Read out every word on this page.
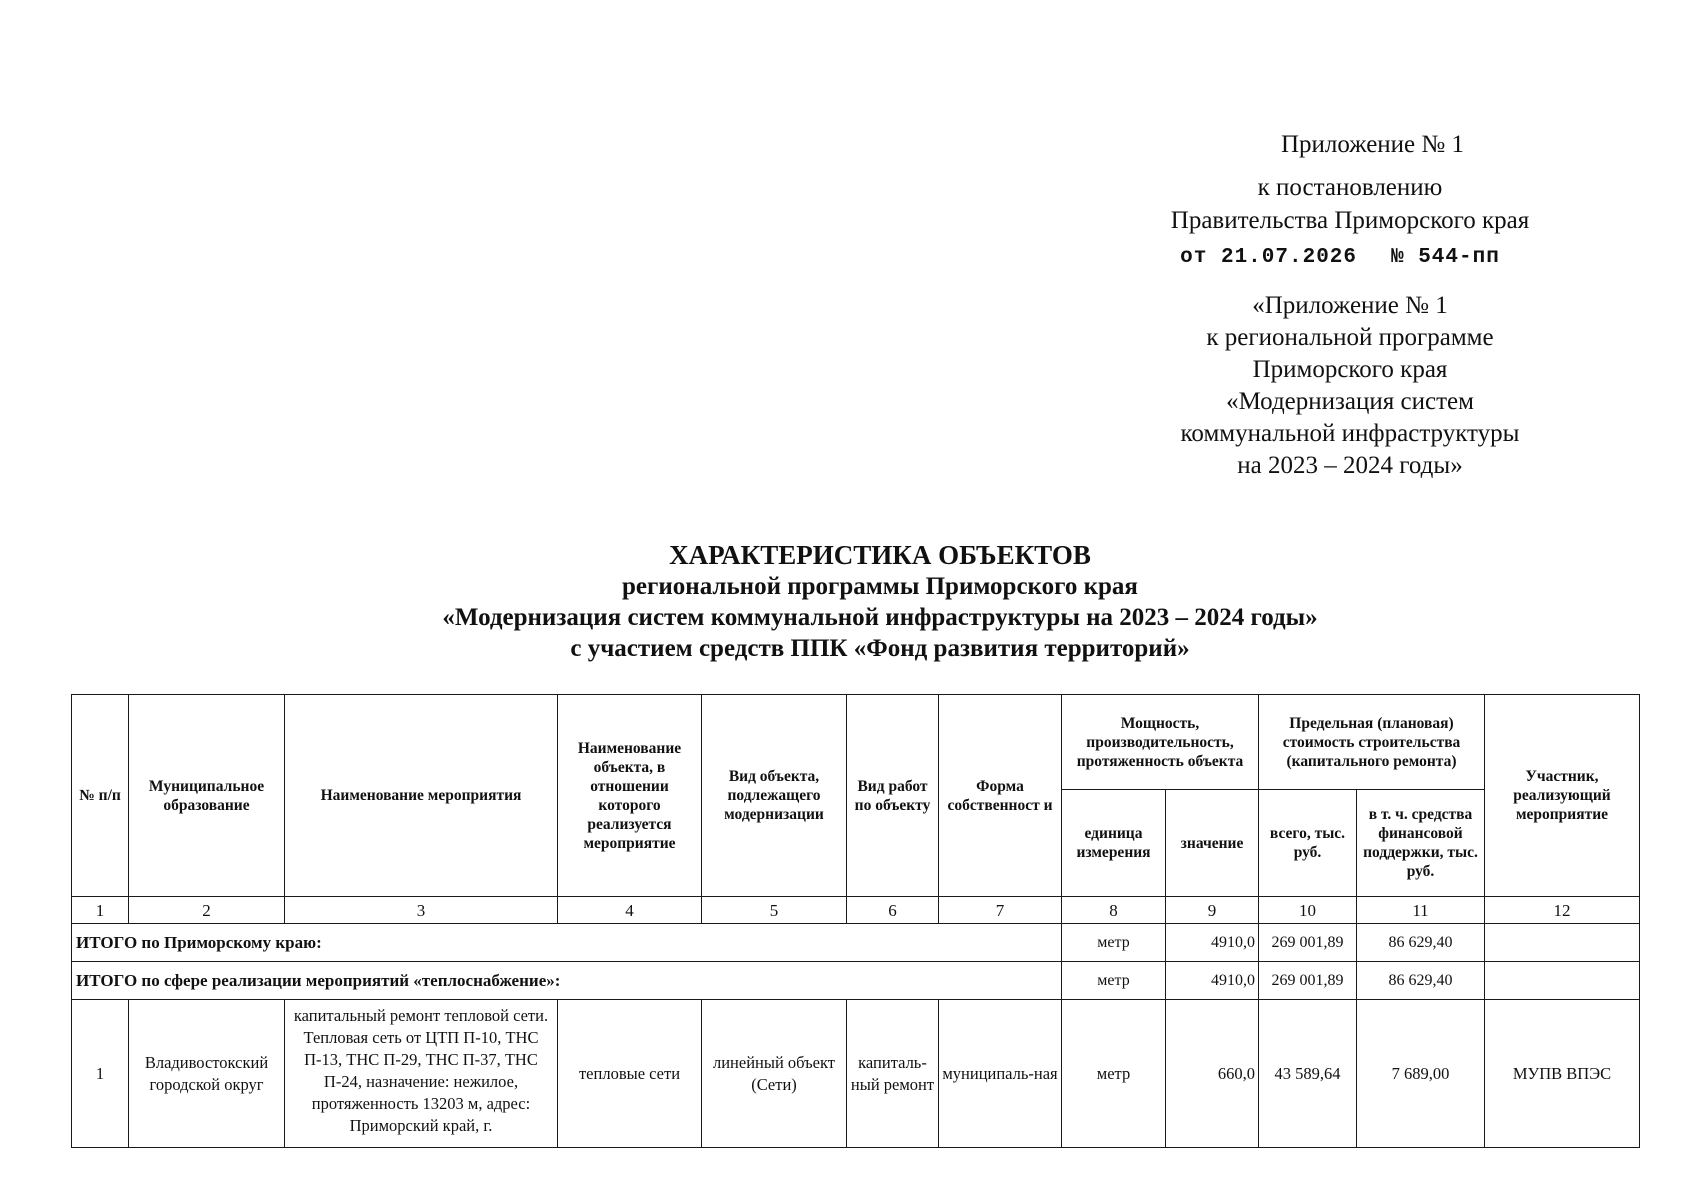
Приложение № 1
к постановлению
Правительства Приморского края
от 21.07.2026 № 544-пп
«Приложение № 1
к региональной программе
Приморского края
«Модернизация систем
коммунальной инфраструктуры
на 2023 – 2024 годы»
ХАРАКТЕРИСТИКА ОБЪЕКТОВ
региональной программы Приморского края
«Модернизация систем коммунальной инфраструктуры на 2023 – 2024 годы»
с участием средств ППК «Фонд развития территорий»
№ п/п	Муниципальное образование	Наименование мероприятия	Наименование объекта, в отношении которого реализуется мероприятие	Вид объекта, подлежащего модернизации	Вид работ по объекту	Форма собственност и	Мощность, производительность, протяженность объекта		Предельная (плановая) стоимость строительства (капитального ремонта)		Участник, реализующий мероприятие
							единица измерения	значение	всего, тыс. руб.	в т. ч. средства финансовой поддержки, тыс. руб.	
1	2	3	4	5	6	7	8	9	10	11	12
ИТОГО по Приморскому краю:							метр	4910,0	269 001,89	86 629,40	
ИТОГО по сфере реализации мероприятий «теплоснабжение»:							метр	4910,0	269 001,89	86 629,40	
1	Владивостокский городской округ	капитальный ремонт тепловой сети. Тепловая сеть от ЦТП П-10, ТНС П-13, ТНС П-29, ТНС П-37, ТНС П-24, назначение: нежилое, протяженность 13203 м, адрес: Приморский край, г.	тепловые сети	линейный объект (Сети)	капиталь-ный ремонт	муниципаль-ная	метр	660,0	43 589,64	7 689,00	МУПВ ВПЭС
